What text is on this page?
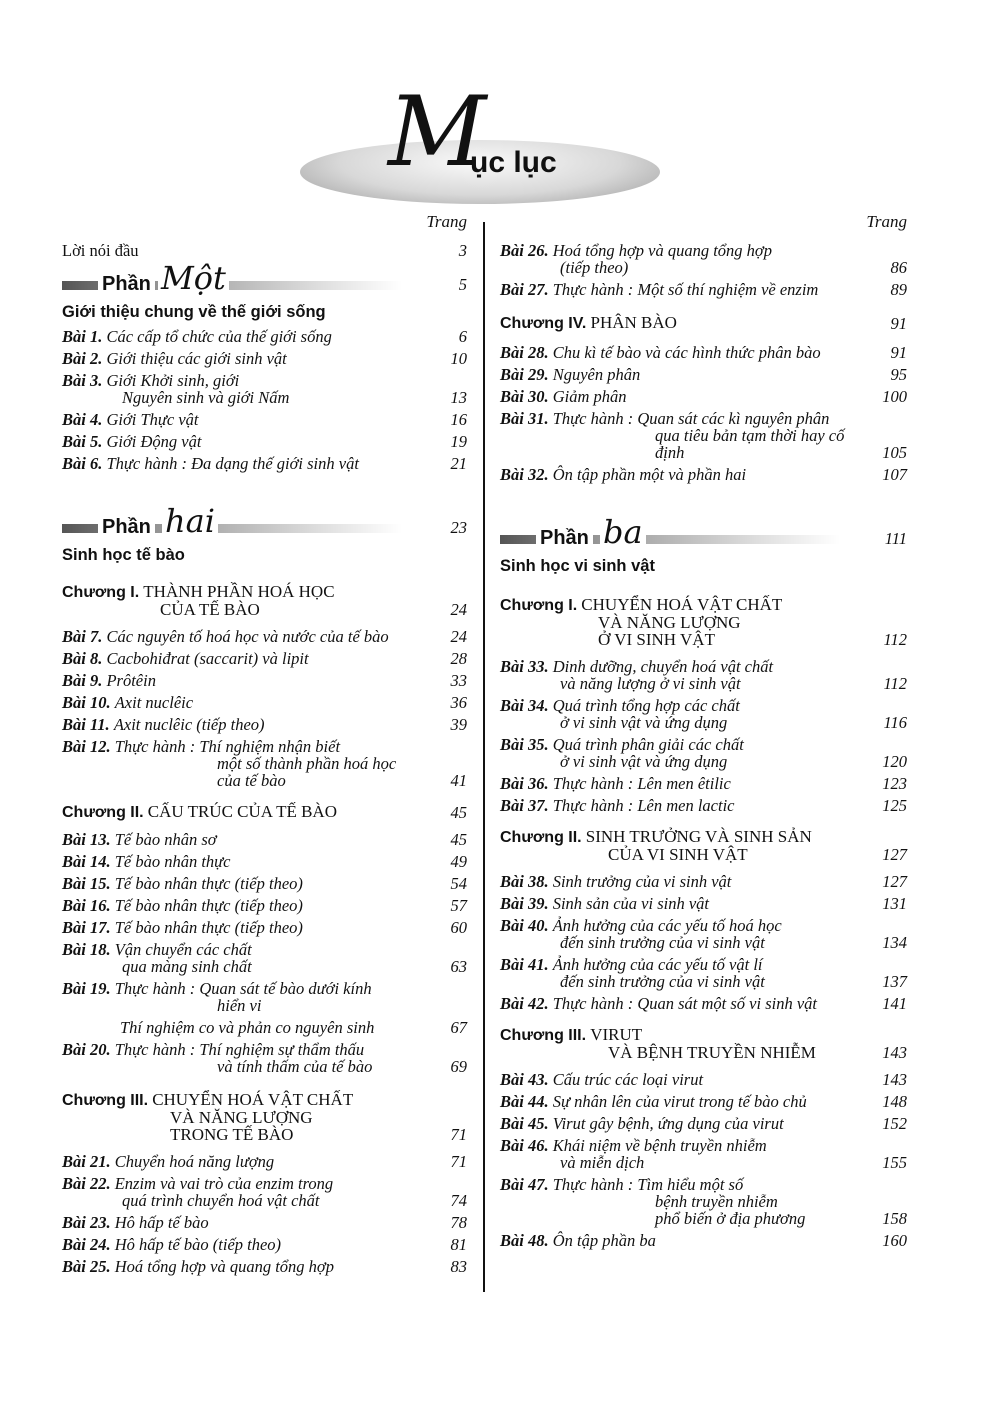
M
ục lục
Trang
Lời nói đầu	3
Phần Một	5
Giới thiệu chung về thế giới sống
Bài 1. Các cấp tổ chức của thế giới sống	6
Bài 2. Giới thiệu các giới sinh vật	10
Bài 3. Giới Khởi sinh, giới
Nguyên sinh và giới Nấm	13
Bài 4. Giới Thực vật	16
Bài 5. Giới Động vật	19
Bài 6. Thực hành : Đa dạng thế giới sinh vật	21
Phần hai	23
Sinh học tế bào
Chương I. THÀNH PHẦN HOÁ HỌC
CỦA TẾ BÀO	24
Bài 7. Các nguyên tố hoá học và nước của tế bào	24
Bài 8. Cacbohiđrat (saccarit) và lipit	28
Bài 9. Prôtêin	33
Bài 10. Axit nuclêic	36
Bài 11. Axit nuclêic (tiếp theo)	39
Bài 12. Thực hành : Thí nghiệm nhận biết
một số thành phần hoá học
của tế bào	41
Chương II. CẤU TRÚC CỦA TẾ BÀO	45
Bài 13. Tế bào nhân sơ	45
Bài 14. Tế bào nhân thực	49
Bài 15. Tế bào nhân thực (tiếp theo)	54
Bài 16. Tế bào nhân thực (tiếp theo)	57
Bài 17. Tế bào nhân thực (tiếp theo)	60
Bài 18. Vận chuyển các chất
qua màng sinh chất	63
Bài 19. Thực hành : Quan sát tế bào dưới kính
hiển vi
Thí nghiệm co và phản co nguyên sinh	67
Bài 20. Thực hành : Thí nghiệm sự thẩm thấu
và tính thấm của tế bào	69
Chương III. CHUYỂN HOÁ VẬT CHẤT
VÀ NĂNG LƯỢNG
TRONG TẾ BÀO	71
Bài 21. Chuyển hoá năng lượng	71
Bài 22. Enzim và vai trò của enzim trong
quá trình chuyển hoá vật chất	74
Bài 23. Hô hấp tế bào	78
Bài 24. Hô hấp tế bào (tiếp theo)	81
Bài 25. Hoá tổng hợp và quang tổng hợp	83
Trang
Bài 26. Hoá tổng hợp và quang tổng hợp
(tiếp theo)	86
Bài 27. Thực hành : Một số thí nghiệm về enzim	89
Chương IV. PHÂN BÀO	91
Bài 28. Chu kì tế bào và các hình thức phân bào	91
Bài 29. Nguyên phân	95
Bài 30. Giảm phân	100
Bài 31. Thực hành : Quan sát các kì nguyên phân
qua tiêu bản tạm thời hay cố định	105
Bài 32. Ôn tập phần một và phần hai	107
Phần ba	111
Sinh học vi sinh vật
Chương I. CHUYỂN HOÁ VẬT CHẤT
VÀ NĂNG LƯỢNG
Ở VI SINH VẬT	112
Bài 33. Dinh dưỡng, chuyển hoá vật chất
và năng lượng ở vi sinh vật	112
Bài 34. Quá trình tổng hợp các chất
ở vi sinh vật và ứng dụng	116
Bài 35. Quá trình phân giải các chất
ở vi sinh vật và ứng dụng	120
Bài 36. Thực hành : Lên men êtilic	123
Bài 37. Thực hành : Lên men lactic	125
Chương II. SINH TRƯỞNG VÀ SINH SẢN
CỦA VI SINH VẬT	127
Bài 38. Sinh trưởng của vi sinh vật	127
Bài 39. Sinh sản của vi sinh vật	131
Bài 40. Ảnh hưởng của các yếu tố hoá học
đến sinh trưởng của vi sinh vật	134
Bài 41. Ảnh hưởng của các yếu tố vật lí
đến sinh trưởng của vi sinh vật	137
Bài 42. Thực hành : Quan sát một số vi sinh vật	141
Chương III. VIRUT
VÀ BỆNH TRUYỀN NHIỄM	143
Bài 43. Cấu trúc các loại virut	143
Bài 44. Sự nhân lên của virut trong tế bào chủ	148
Bài 45. Virut gây bệnh, ứng dụng của virut	152
Bài 46. Khái niệm về bệnh truyền nhiễm
và miễn dịch	155
Bài 47. Thực hành : Tìm hiểu một số
bệnh truyền nhiễm
phổ biến ở địa phương	158
Bài 48. Ôn tập phần ba	160
